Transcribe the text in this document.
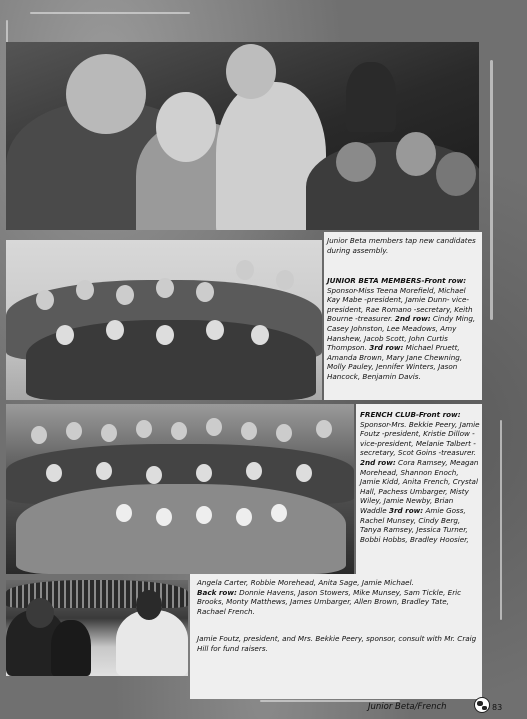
Junior Beta members tap new candidates during assembly.
JUNIOR BETA MEMBERS-Front row: Sponsor-Miss Teena Morefield, Michael Kay Mabe -president, Jamie Dunn- vice-president, Rae Romano -secretary, Keith Bourne -treasurer. 2nd row: Cindy Ming, Casey Johnston, Lee Meadows, Amy Hanshew, Jacob Scott, John Curtis Thompson. 3rd row: Michael Pruett, Amanda Brown, Mary Jane Chewning, Molly Pauley, Jennifer Winters, Jason Hancock, Benjamin Davis.
FRENCH CLUB-Front row: Sponsor-Mrs. Bekkie Peery, Jamie Foutz -president, Kristie Dillow -vice-president, Melanie Talbert -secretary, Scot Goins -treasurer. 2nd row: Cora Ramsey, Meagan Morehead, Shannon Enoch, Jamie Kidd, Anita French, Crystal Hall, Pachess Umbarger, Misty Wiley, Jamie Newby, Brian Waddle 3rd row: Amie Goss, Rachel Munsey, Cindy Berg, Tanya Ramsey, Jessica Turner, Bobbi Hobbs, Bradley Hoosier,
Angela Carter, Robbie Morehead, Anita Sage, Jamie Michael.
Back row: Donnie Havens, Jason Stowers, Mike Munsey, Sam Tickle, Eric Brooks, Monty Matthews, James Umbarger, Allen Brown, Bradley Tate, Rachael French.
Jamie Foutz, president, and Mrs. Bekkie Peery, sponsor, consult with Mr. Craig Hill for fund raisers.
Junior Beta/French	83
